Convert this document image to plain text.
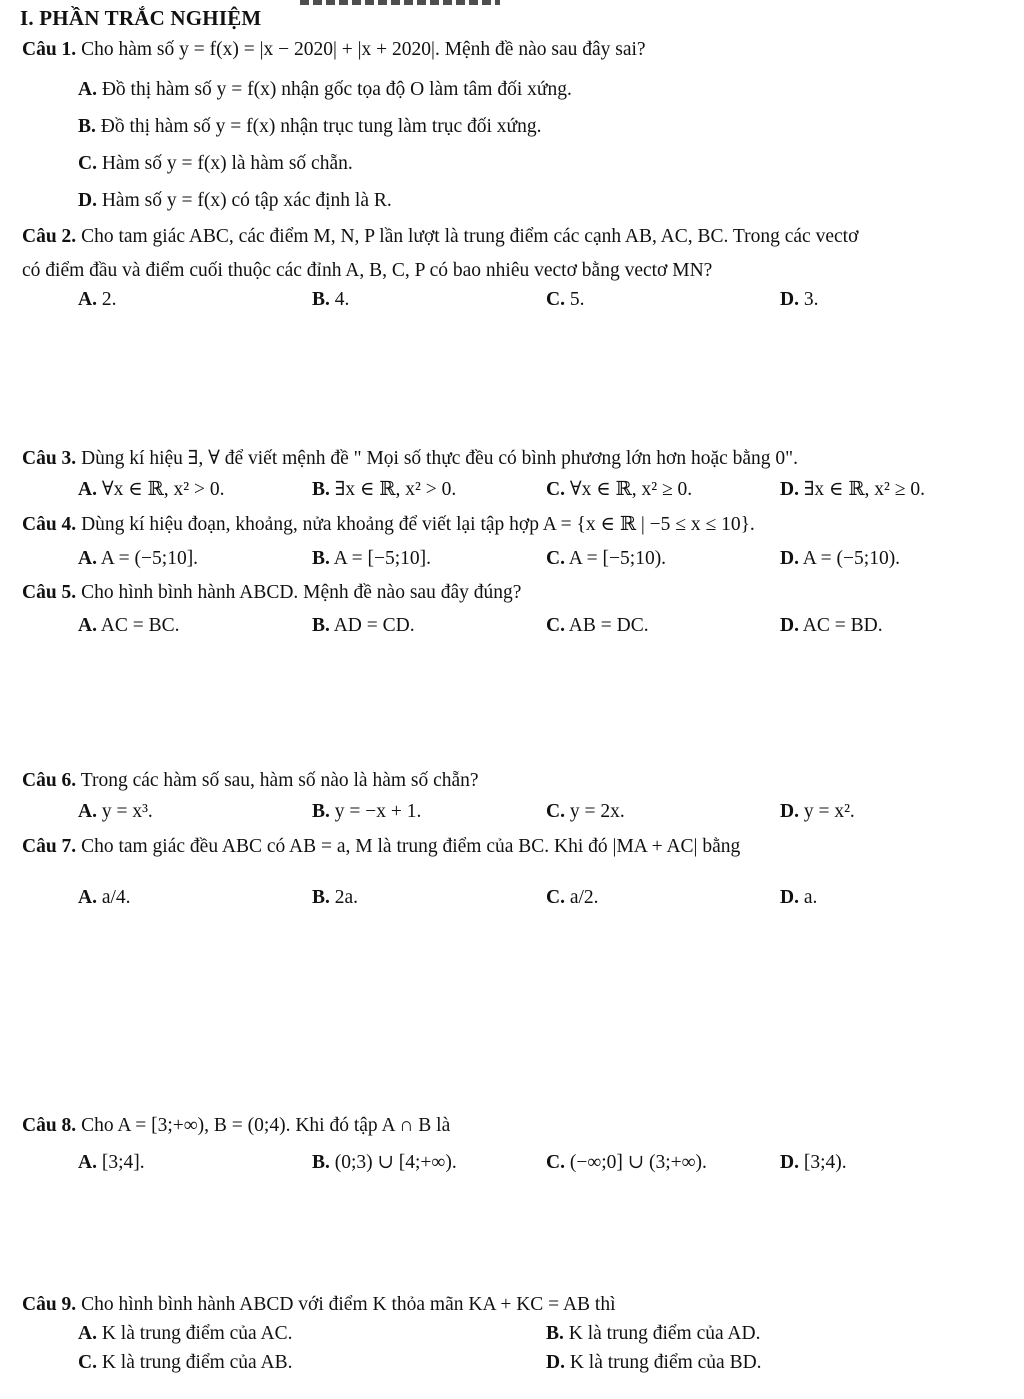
I. PHẦN TRẮC NGHIỆM
Câu 1. Cho hàm số y = f(x) = |x − 2020| + |x + 2020|. Mệnh đề nào sau đây sai?
A. Đồ thị hàm số y = f(x) nhận gốc tọa độ O làm tâm đối xứng.
B. Đồ thị hàm số y = f(x) nhận trục tung làm trục đối xứng.
C. Hàm số y = f(x) là hàm số chẵn.
D. Hàm số y = f(x) có tập xác định là R.
Câu 2. Cho tam giác ABC, các điểm M, N, P lần lượt là trung điểm các cạnh AB, AC, BC. Trong các vectơ
có điểm đầu và điểm cuối thuộc các đỉnh A, B, C, P có bao nhiêu vectơ bằng vectơ MN?
A. 2.	B. 4.	C. 5.	D. 3.
Câu 3. Dùng kí hiệu ∃, ∀ để viết mệnh đề " Mọi số thực đều có bình phương lớn hơn hoặc bằng 0".
A. ∀x ∈ ℝ, x² > 0.	B. ∃x ∈ ℝ, x² > 0.	C. ∀x ∈ ℝ, x² ≥ 0.	D. ∃x ∈ ℝ, x² ≥ 0.
Câu 4. Dùng kí hiệu đoạn, khoảng, nửa khoảng để viết lại tập hợp A = {x ∈ ℝ | −5 ≤ x ≤ 10}.
A. A = (−5;10].	B. A = [−5;10].	C. A = [−5;10).	D. A = (−5;10).
Câu 5. Cho hình bình hành ABCD. Mệnh đề nào sau đây đúng?
A. AC = BC.	B. AD = CD.	C. AB = DC.	D. AC = BD.
Câu 6. Trong các hàm số sau, hàm số nào là hàm số chẵn?
A. y = x³.	B. y = −x + 1.	C. y = 2x.	D. y = x².
Câu 7. Cho tam giác đều ABC có AB = a, M là trung điểm của BC. Khi đó |MA + AC| bằng
A. a/4.	B. 2a.	C. a/2.	D. a.
Câu 8. Cho A = [3;+∞), B = (0;4). Khi đó tập A ∩ B là
A. [3;4].	B. (0;3) ∪ [4;+∞).	C. (−∞;0] ∪ (3;+∞).	D. [3;4).
Câu 9. Cho hình bình hành ABCD với điểm K thỏa mãn KA + KC = AB thì
A. K là trung điểm của AC.	B. K là trung điểm của AD.
C. K là trung điểm của AB.	D. K là trung điểm của BD.
